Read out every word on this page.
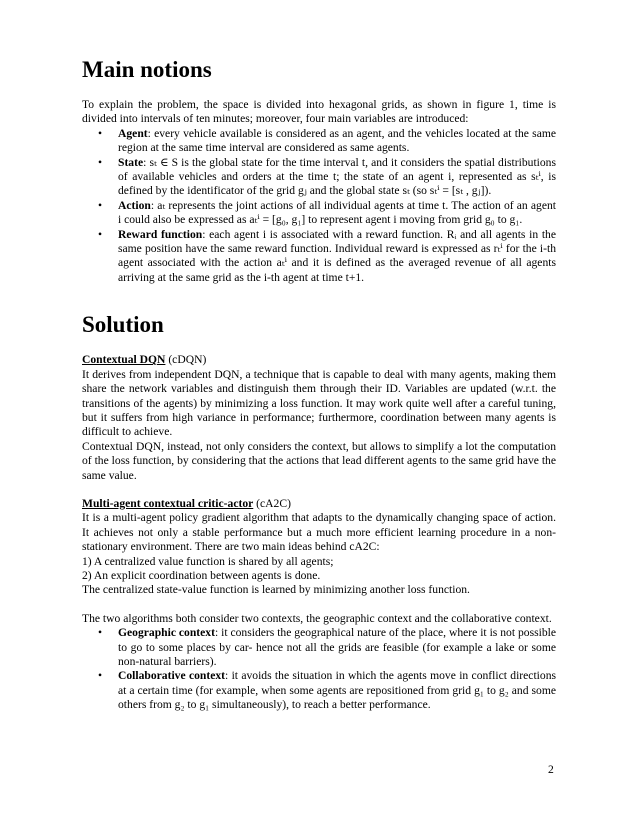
Main notions

To explain the problem, the space is divided into hexagonal grids, as shown in figure 1, time is divided into intervals of ten minutes; moreover, four main variables are introduced:

• Agent: every vehicle available is considered as an agent, and the vehicles located at the same region at the same time interval are considered as same agents.
• State: sₜ ∈ S is the global state for the time interval t, and it considers the spatial distributions of available vehicles and orders at the time t; the state of an agent i, represented as sₜⁱ, is defined by the identificator of the grid gⱼ and the global state sₜ (so sₜⁱ = [sₜ , gⱼ]).
• Action: aₜ represents the joint actions of all individual agents at time t. The action of an agent i could also be expressed as aₜⁱ = [g₀, g₁] to represent agent i moving from grid g₀ to g₁.
• Reward function: each agent i is associated with a reward function. Rᵢ and all agents in the same position have the same reward function. Individual reward is expressed as rₜⁱ for the i-th agent associated with the action aₜⁱ and it is defined as the averaged revenue of all agents arriving at the same grid as the i-th agent at time t+1.
Solution

Contextual DQN (cDQN)

It derives from independent DQN, a technique that is capable to deal with many agents, making them share the network variables and distinguish them through their ID. Variables are updated (w.r.t. the transitions of the agents) by minimizing a loss function. It may work quite well after a careful tuning, but it suffers from high variance in performance; furthermore, coordination between many agents is difficult to achieve.

Contextual DQN, instead, not only considers the context, but allows to simplify a lot the computation of the loss function, by considering that the actions that lead different agents to the same grid have the same value.

Multi-agent contextual critic-actor (cA2C)

It is a multi-agent policy gradient algorithm that adapts to the dynamically changing space of action. It achieves not only a stable performance but a much more efficient learning procedure in a non-stationary environment. There are two main ideas behind cA2C:

1) A centralized value function is shared by all agents;

2) An explicit coordination between agents is done.

The centralized state-value function is learned by minimizing another loss function.

The two algorithms both consider two contexts, the geographic context and the collaborative context.

• Geographic context: it considers the geographical nature of the place, where it is not possible to go to some places by car- hence not all the grids are feasible (for example a lake or some non-natural barriers).
• Collaborative context: it avoids the situation in which the agents move in conflict directions at a certain time (for example, when some agents are repositioned from grid g₁ to g₂ and some others from g₂ to g₁ simultaneously), to reach a better performance.
2
